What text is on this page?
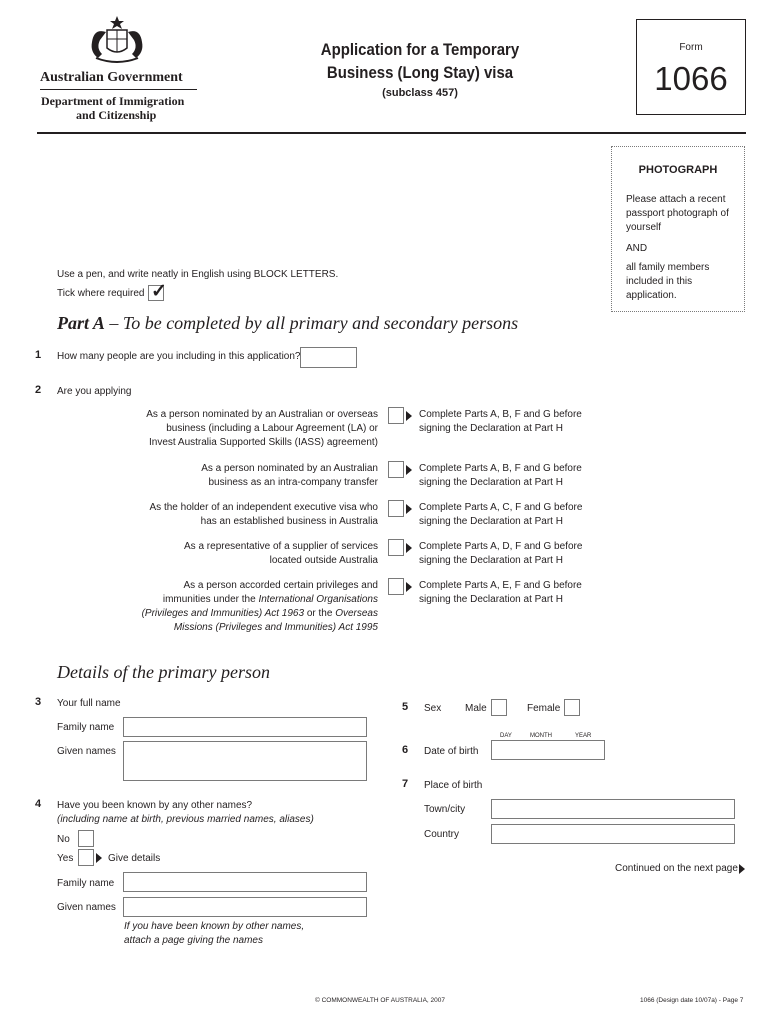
Australian Government
Department of Immigration
and Citizenship
Application for a Temporary
Business (Long Stay) visa
(subclass 457)
Form
1066
PHOTOGRAPH
Please attach a recent passport photograph of yourself
AND
all family members included in this application.
Use a pen, and write neatly in English using BLOCK LETTERS.
Tick where required ✓
Part A – To be completed by all primary and secondary persons
1 How many people are you including in this application?
2 Are you applying
As a person nominated by an Australian or overseas
business (including a Labour Agreement (LA) or
Invest Australia Supported Skills (IASS) agreement)
Complete Parts A, B, F and G before
signing the Declaration at Part H
As a person nominated by an Australian
business as an intra-company transfer
Complete Parts A, B, F and G before
signing the Declaration at Part H
As the holder of an independent executive visa who
has an established business in Australia
Complete Parts A, C, F and G before
signing the Declaration at Part H
As a representative of a supplier of services
located outside Australia
Complete Parts A, D, F and G before
signing the Declaration at Part H
As a person accorded certain privileges and
immunities under the International Organisations
(Privileges and Immunities) Act 1963 or the Overseas
Missions (Privileges and Immunities) Act 1995
Complete Parts A, E, F and G before
signing the Declaration at Part H
Details of the primary person
3 Your full name
Family name
Given names
4 Have you been known by any other names?
(including name at birth, previous married names, aliases)
No
Yes	Give details
Family name
Given names
If you have been known by other names,
attach a page giving the names
5 Sex Male	Female
DAY	MONTH	YEAR
6 Date of birth
7 Place of birth
Town/city
Country
Continued on the next page
© COMMONWEALTH OF AUSTRALIA, 2007	1066 (Design date 10/07a) - Page 7
